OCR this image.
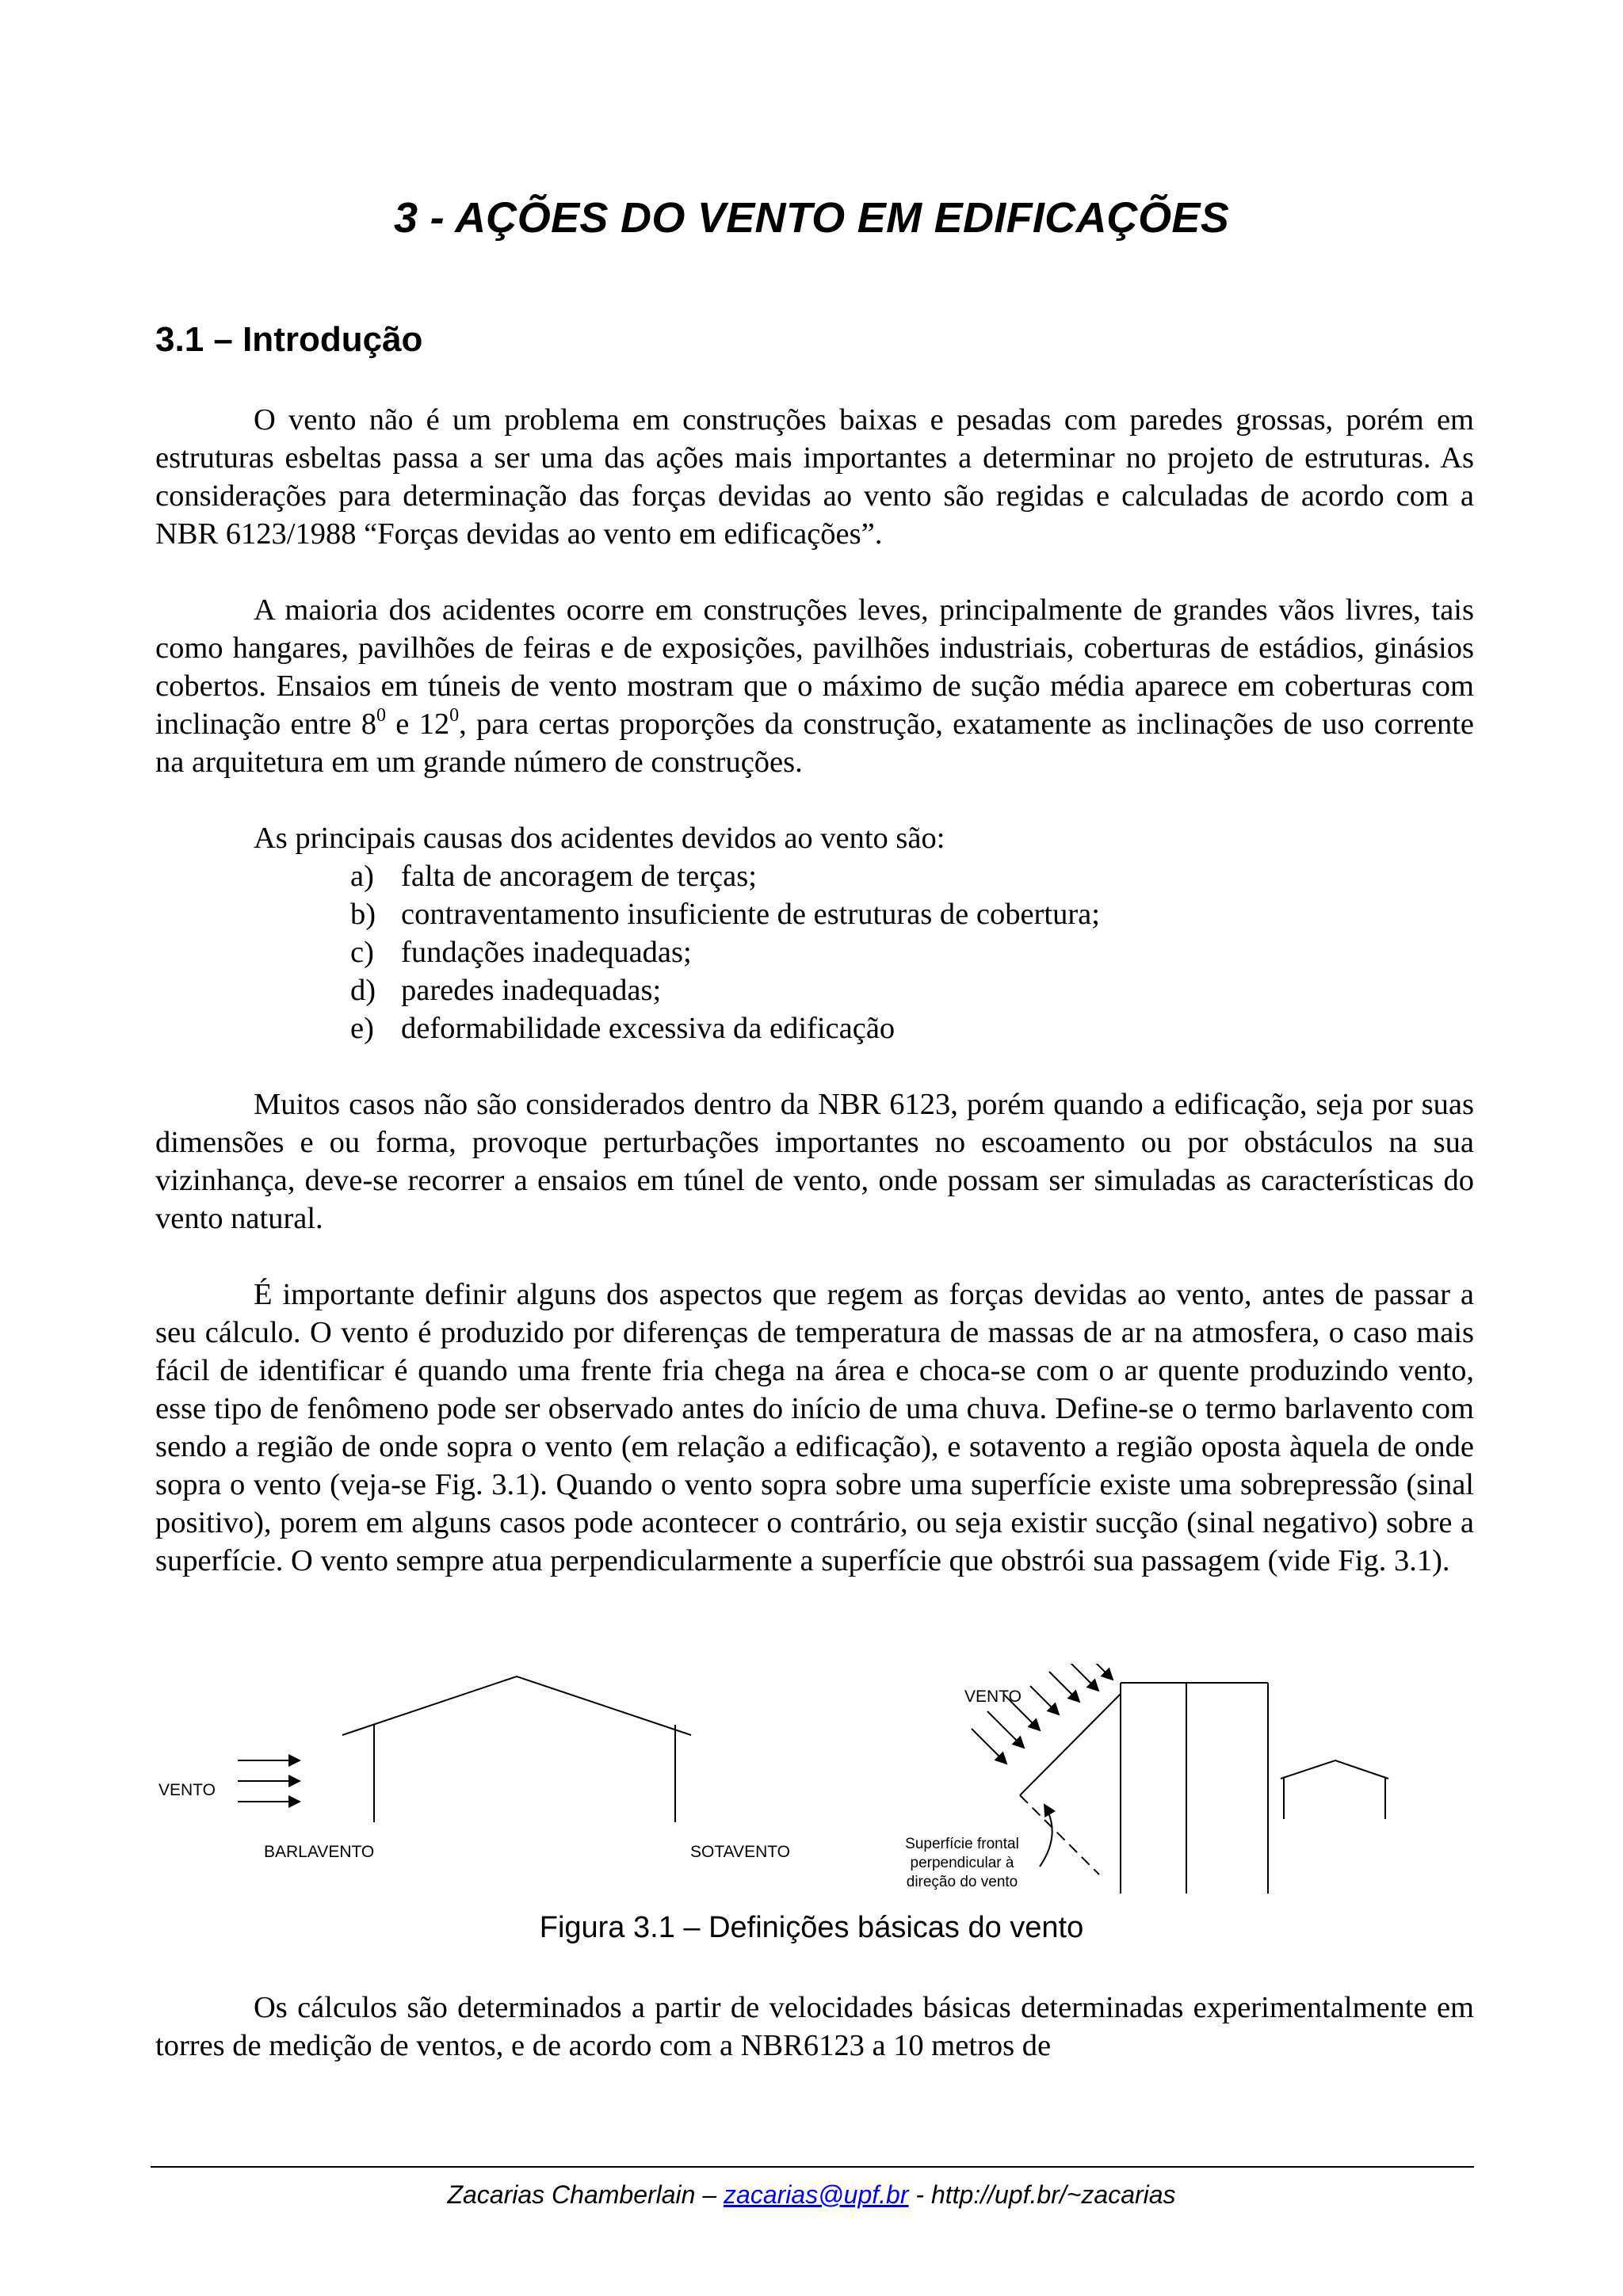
3 - AÇÕES DO VENTO EM EDIFICAÇÕES
3.1 – Introdução

O vento não é um problema em construções baixas e pesadas com paredes grossas, porém em estruturas esbeltas passa a ser uma das ações mais importantes a determinar no projeto de estruturas. As considerações para determinação das forças devidas ao vento são regidas e calculadas de acordo com a NBR 6123/1988 “Forças devidas ao vento em edificações”.

A maioria dos acidentes ocorre em construções leves, principalmente de grandes vãos livres, tais como hangares, pavilhões de feiras e de exposições, pavilhões industriais, coberturas de estádios, ginásios cobertos. Ensaios em túneis de vento mostram que o máximo de sução média aparece em coberturas com inclinação entre $8^0$ e $12^0$, para certas proporções da construção, exatamente as inclinações de uso corrente na arquitetura em um grande número de construções.

As principais causas dos acidentes devidos ao vento são:
a) falta de ancoragem de terças;
b) contraventamento insuficiente de estruturas de cobertura;
c) fundações inadequadas;
d) paredes inadequadas;
e) deformabilidade excessiva da edificação

Muitos casos não são considerados dentro da NBR 6123, porém quando a edificação, seja por suas dimensões e ou forma, provoque perturbações importantes no escoamento ou por obstáculos na sua vizinhança, deve-se recorrer a ensaios em túnel de vento, onde possam ser simuladas as características do vento natural.

É importante definir alguns dos aspectos que regem as forças devidas ao vento, antes de passar a seu cálculo. O vento é produzido por diferenças de temperatura de massas de ar na atmosfera, o caso mais fácil de identificar é quando uma frente fria chega na área e choca-se com o ar quente produzindo vento, esse tipo de fenômeno pode ser observado antes do início de uma chuva. Define-se o termo barlavento com sendo a região de onde sopra o vento (em relação a edificação), e sotavento a região oposta àquela de onde sopra o vento (veja-se Fig. 3.1). Quando o vento sopra sobre uma superfície existe uma sobrepressão (sinal positivo), porem em alguns casos pode acontecer o contrário, ou seja existir sucção (sinal negativo) sobre a superfície. O vento sempre atua perpendicularmente a superfície que obstrói sua passagem (vide Fig. 3.1).

VENTO
BARLAVENTO	SOTAVENTO
VENTO
Superfície frontal
perpendicular à
direção do vento
Figura 3.1 – Definições básicas do vento

Os cálculos são determinados a partir de velocidades básicas determinadas experimentalmente em torres de medição de ventos, e de acordo com a NBR6123 a 10 metros de

Zacarias Chamberlain – zacarias@upf.br - http://upf.br/~zacarias
